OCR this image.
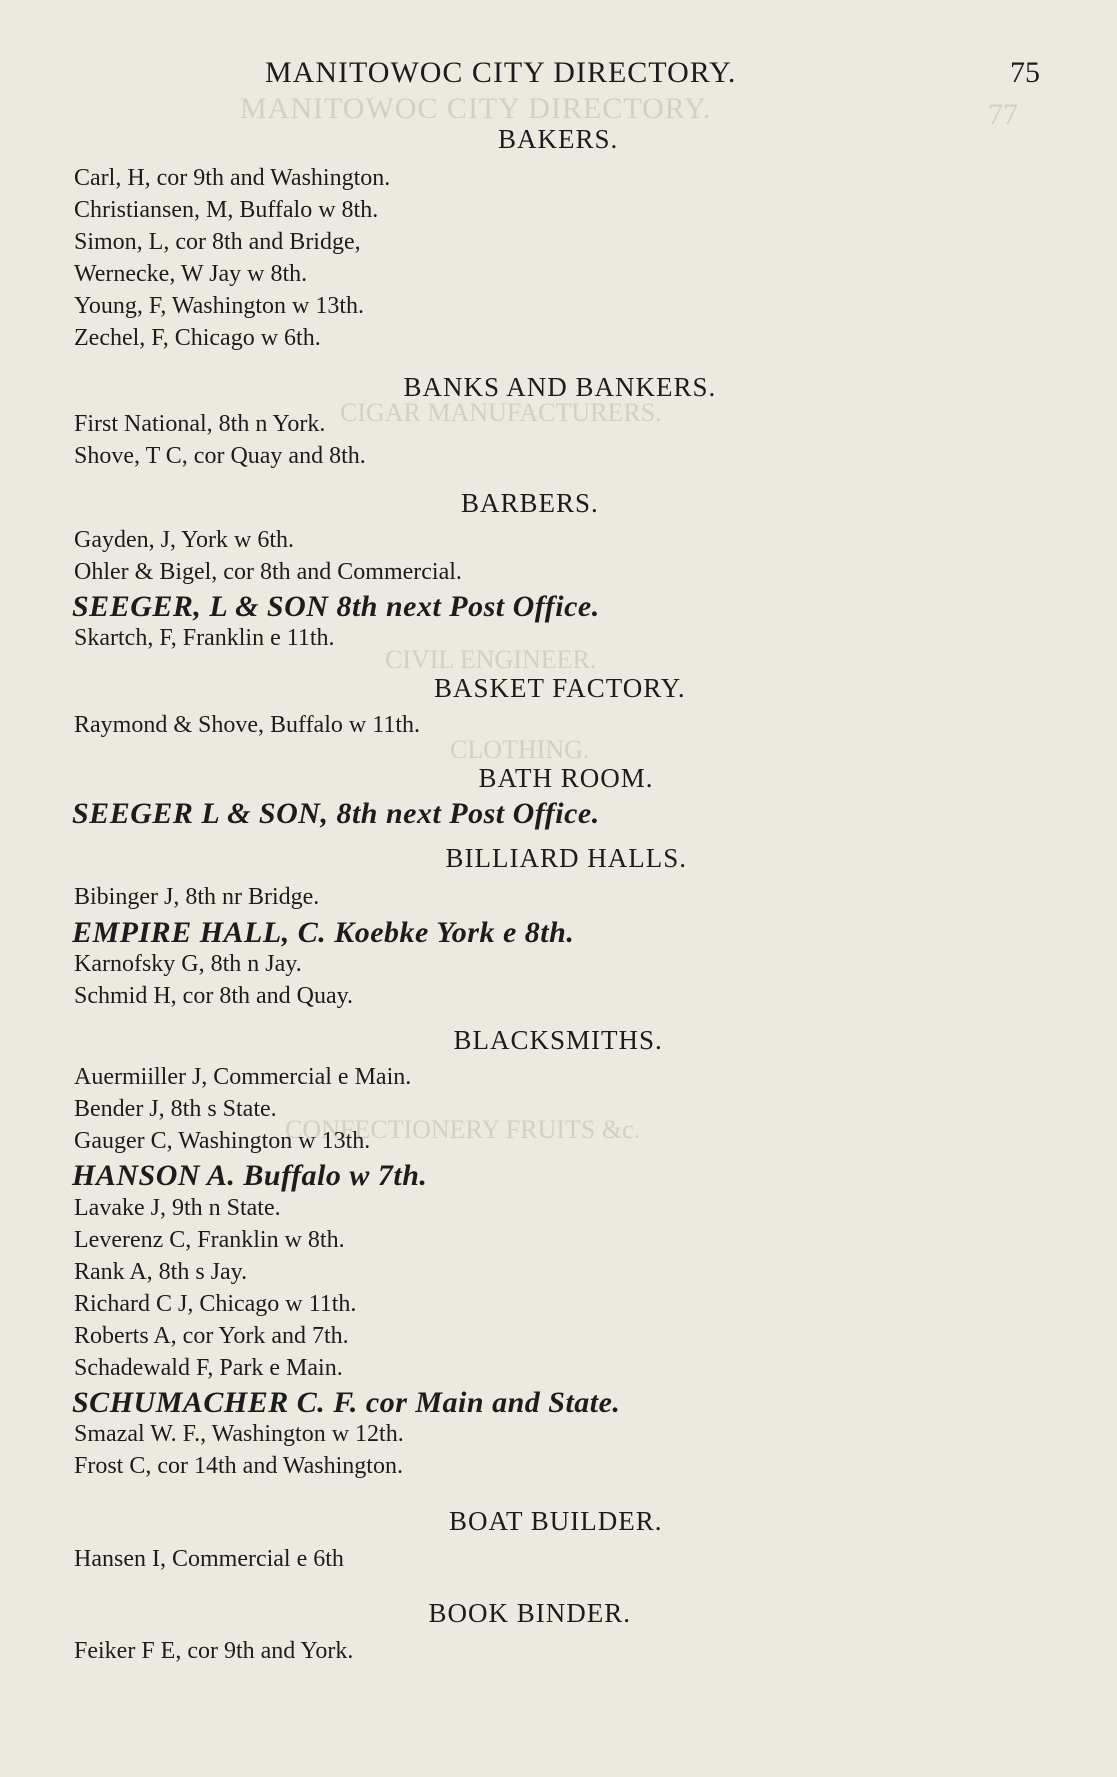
MANITOWOC CITY DIRECTORY.	77
CIGAR MANUFACTURERS.
CIVIL ENGINEER.
CLOTHING.
CONFECTIONERY FRUITS &c.
MANITOWOC CITY DIRECTORY.	75
BAKERS.
Carl, H, cor 9th and Washington.
Christiansen, M, Buffalo w 8th.
Simon, L, cor 8th and Bridge,
Wernecke, W Jay w 8th.
Young, F, Washington w 13th.
Zechel, F, Chicago w 6th.
BANKS AND BANKERS.
First National, 8th n York.
Shove, T C, cor Quay and 8th.
BARBERS.
Gayden, J, York w 6th.
Ohler & Bigel, cor 8th and Commercial.
SEEGER, L & SON 8th next Post Office.
Skartch, F, Franklin e 11th.
BASKET FACTORY.
Raymond & Shove, Buffalo w 11th.
BATH ROOM.
SEEGER L & SON, 8th next Post Office.
BILLIARD HALLS.
Bibinger J, 8th nr Bridge.
EMPIRE HALL, C. Koebke York e 8th.
Karnofsky G, 8th n Jay.
Schmid H, cor 8th and Quay.
BLACKSMITHS.
Auermiiller J, Commercial e Main.
Bender J, 8th s State.
Gauger C, Washington w 13th.
HANSON A. Buffalo w 7th.
Lavake J, 9th n State.
Leverenz C, Franklin w 8th.
Rank A, 8th s Jay.
Richard C J, Chicago w 11th.
Roberts A, cor York and 7th.
Schadewald F, Park e Main.
SCHUMACHER C. F. cor Main and State.
Smazal W. F., Washington w 12th.
Frost C, cor 14th and Washington.
BOAT BUILDER.
Hansen I, Commercial e 6th
BOOK BINDER.
Feiker F E, cor 9th and York.
